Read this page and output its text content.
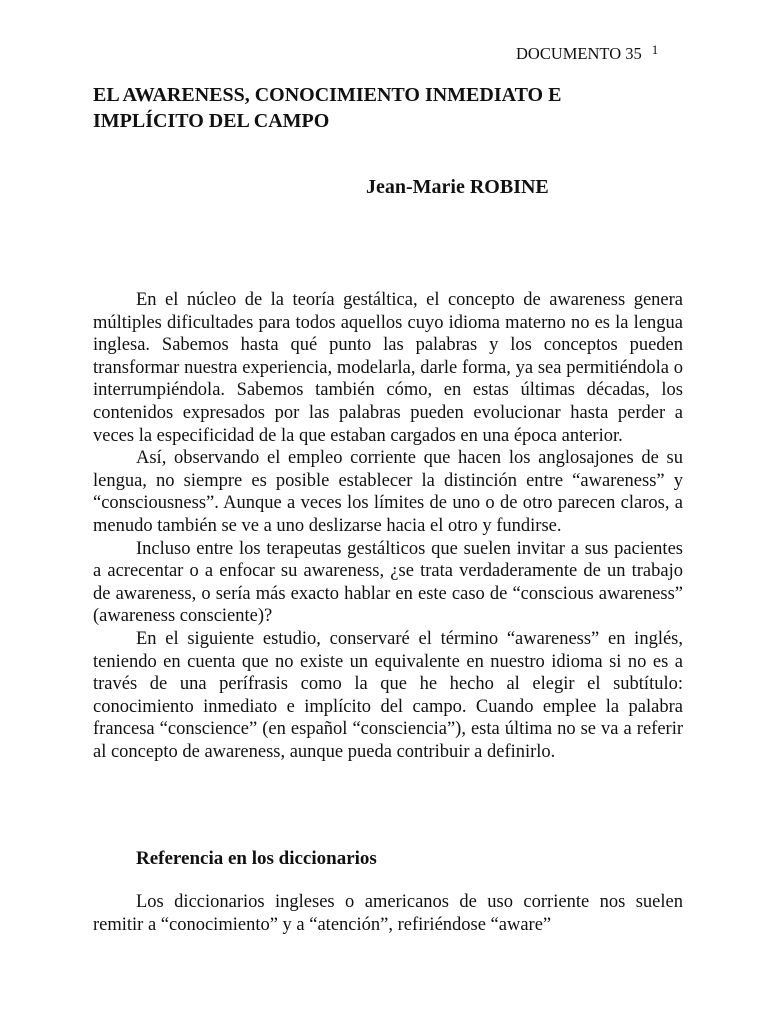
DOCUMENTO 35 $^1$
EL AWARENESS, CONOCIMIENTO INMEDIATO E
IMPLÍCITO DEL CAMPO

Jean-Marie ROBINE

En el núcleo de la teoría gestáltica, el concepto de awareness genera múltiples dificultades para todos aquellos cuyo idioma materno no es la lengua inglesa. Sabemos hasta qué punto las palabras y los conceptos pueden transformar nuestra experiencia, modelarla, darle forma, ya sea permitiéndola o interrumpiéndola. Sabemos también cómo, en estas últimas décadas, los contenidos expresados por las palabras pueden evolucionar hasta perder a veces la especificidad de la que estaban cargados en una época anterior.

Así, observando el empleo corriente que hacen los anglosajones de su lengua, no siempre es posible establecer la distinción entre “awareness” y “consciousness”. Aunque a veces los límites de uno o de otro parecen claros, a menudo también se ve a uno deslizarse hacia el otro y fundirse.

Incluso entre los terapeutas gestálticos que suelen invitar a sus pacientes a acrecentar o a enfocar su awareness, ¿se trata verdaderamente de un trabajo de awareness, o sería más exacto hablar en este caso de “conscious awareness” (awareness consciente)?

En el siguiente estudio, conservaré el término “awareness” en inglés, teniendo en cuenta que no existe un equivalente en nuestro idioma si no es a través de una perífrasis como la que he hecho al elegir el subtítulo: conocimiento inmediato e implícito del campo. Cuando emplee la palabra francesa “conscience” (en español “consciencia”), esta última no se va a referir al concepto de awareness, aunque pueda contribuir a definirlo.

Referencia en los diccionarios

Los diccionarios ingleses o americanos de uso corriente nos suelen remitir a “conocimiento” y a “atención”, refiriéndose “aware”
